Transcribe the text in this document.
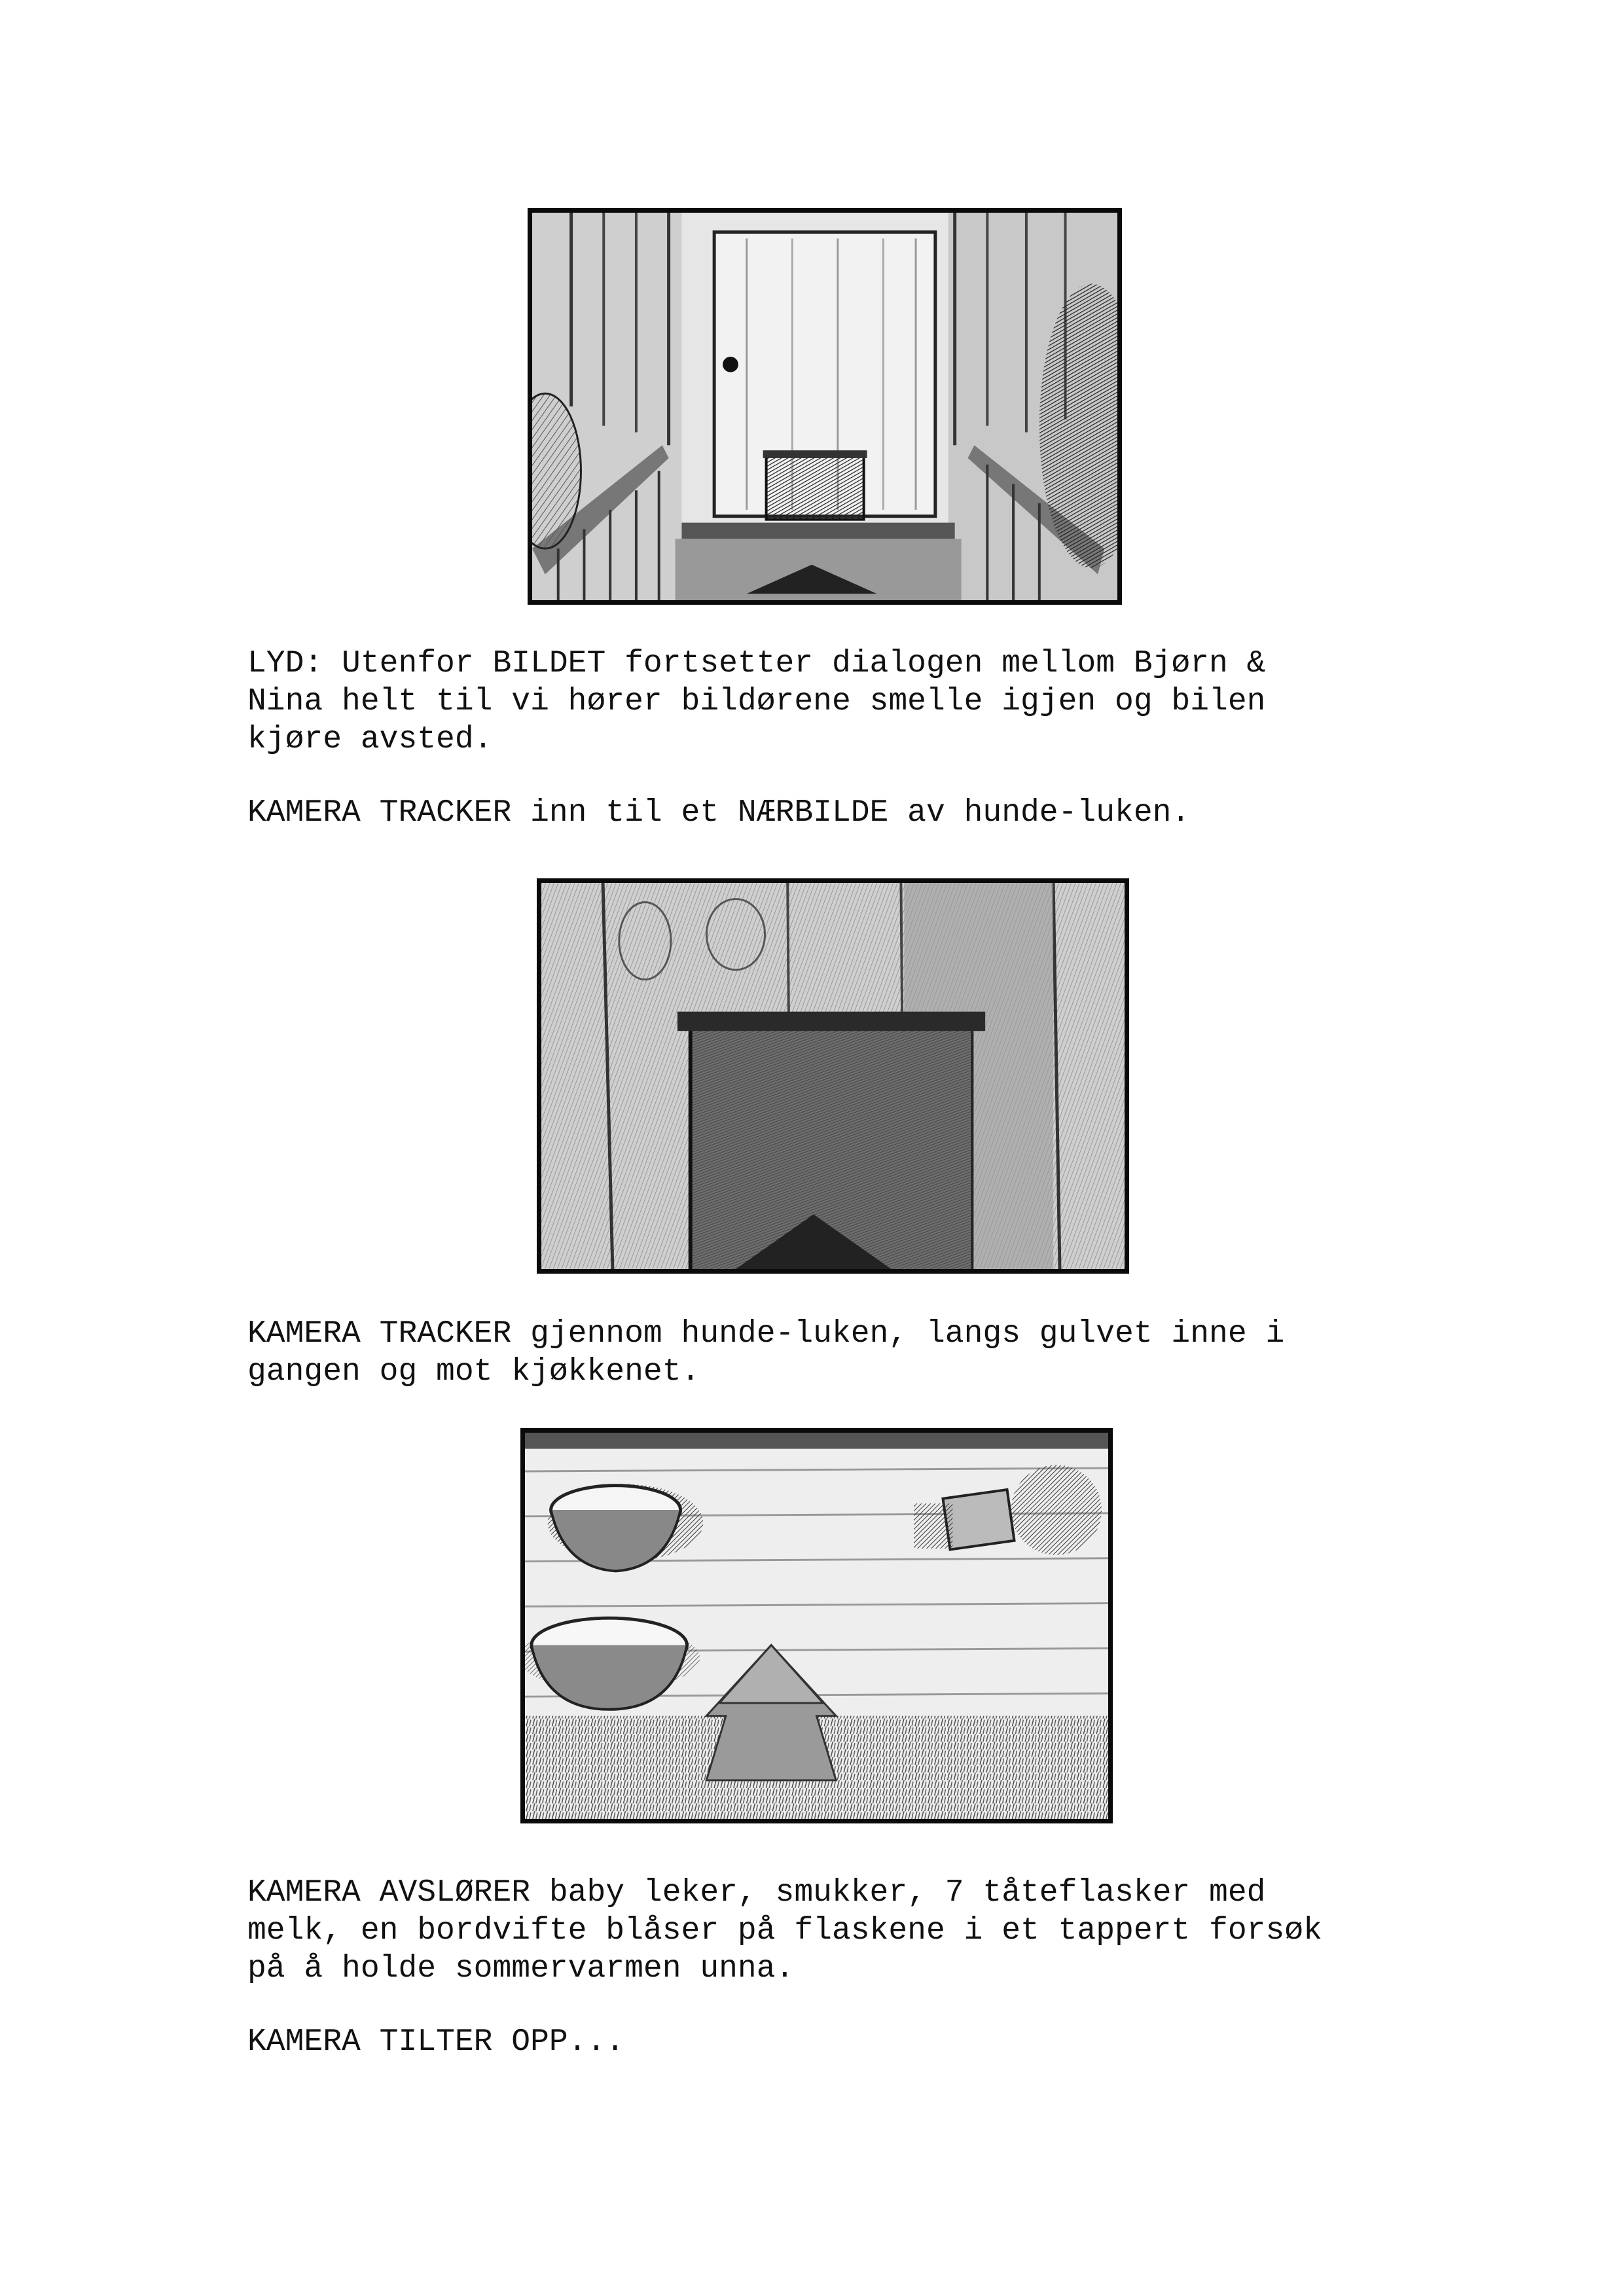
LYD: Utenfor BILDET fortsetter dialogen mellom Bjørn &
Nina helt til vi hører bildørene smelle igjen og bilen
kjøre avsted.

KAMERA TRACKER inn til et NÆRBILDE av hunde-luken.

KAMERA TRACKER gjennom hunde-luken, langs gulvet inne i
gangen og mot kjøkkenet.

KAMERA AVSLØRER baby leker, smukker, 7 tåteflasker med
melk, en bordvifte blåser på flaskene i et tappert forsøk
på å holde sommervarmen unna.

KAMERA TILTER OPP...
